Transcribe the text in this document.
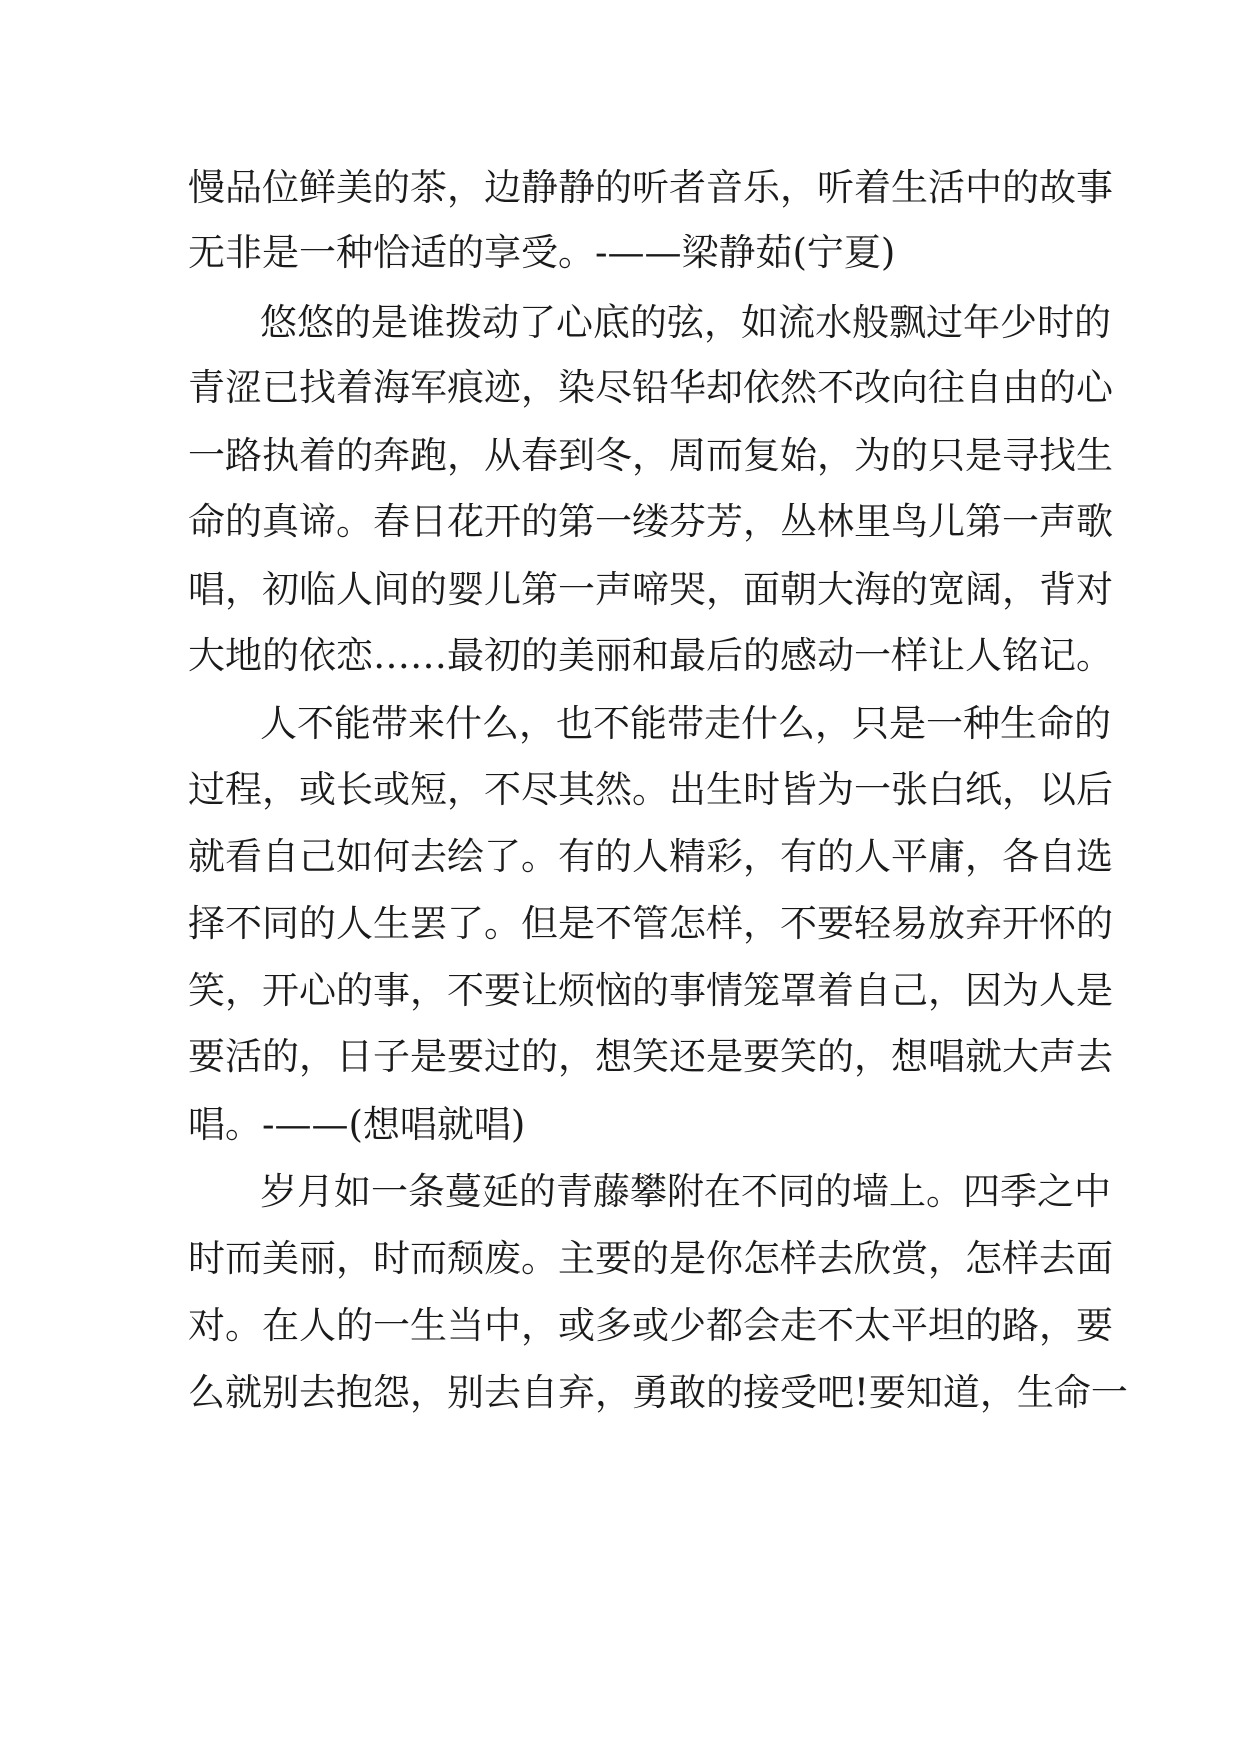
慢品位鲜美的茶，边静静的听者音乐，听着生活中的故事
无非是一种恰适的享受。-——梁静茹(宁夏)
悠悠的是谁拨动了心底的弦，如流水般飘过年少时的
青涩已找着海军痕迹，染尽铅华却依然不改向往自由的心
一路执着的奔跑，从春到冬，周而复始，为的只是寻找生
命的真谛。春日花开的第一缕芬芳，丛林里鸟儿第一声歌
唱，初临人间的婴儿第一声啼哭，面朝大海的宽阔，背对
大地的依恋……最初的美丽和最后的感动一样让人铭记。
人不能带来什么，也不能带走什么，只是一种生命的
过程，或长或短，不尽其然。出生时皆为一张白纸，以后
就看自己如何去绘了。有的人精彩，有的人平庸，各自选
择不同的人生罢了。但是不管怎样，不要轻易放弃开怀的
笑，开心的事，不要让烦恼的事情笼罩着自己，因为人是
要活的，日子是要过的，想笑还是要笑的，想唱就大声去
唱。-——(想唱就唱)
岁月如一条蔓延的青藤攀附在不同的墙上。四季之中
时而美丽，时而颓废。主要的是你怎样去欣赏，怎样去面
对。在人的一生当中，或多或少都会走不太平坦的路，要
么就别去抱怨，别去自弃，勇敢的接受吧!要知道，生命一
